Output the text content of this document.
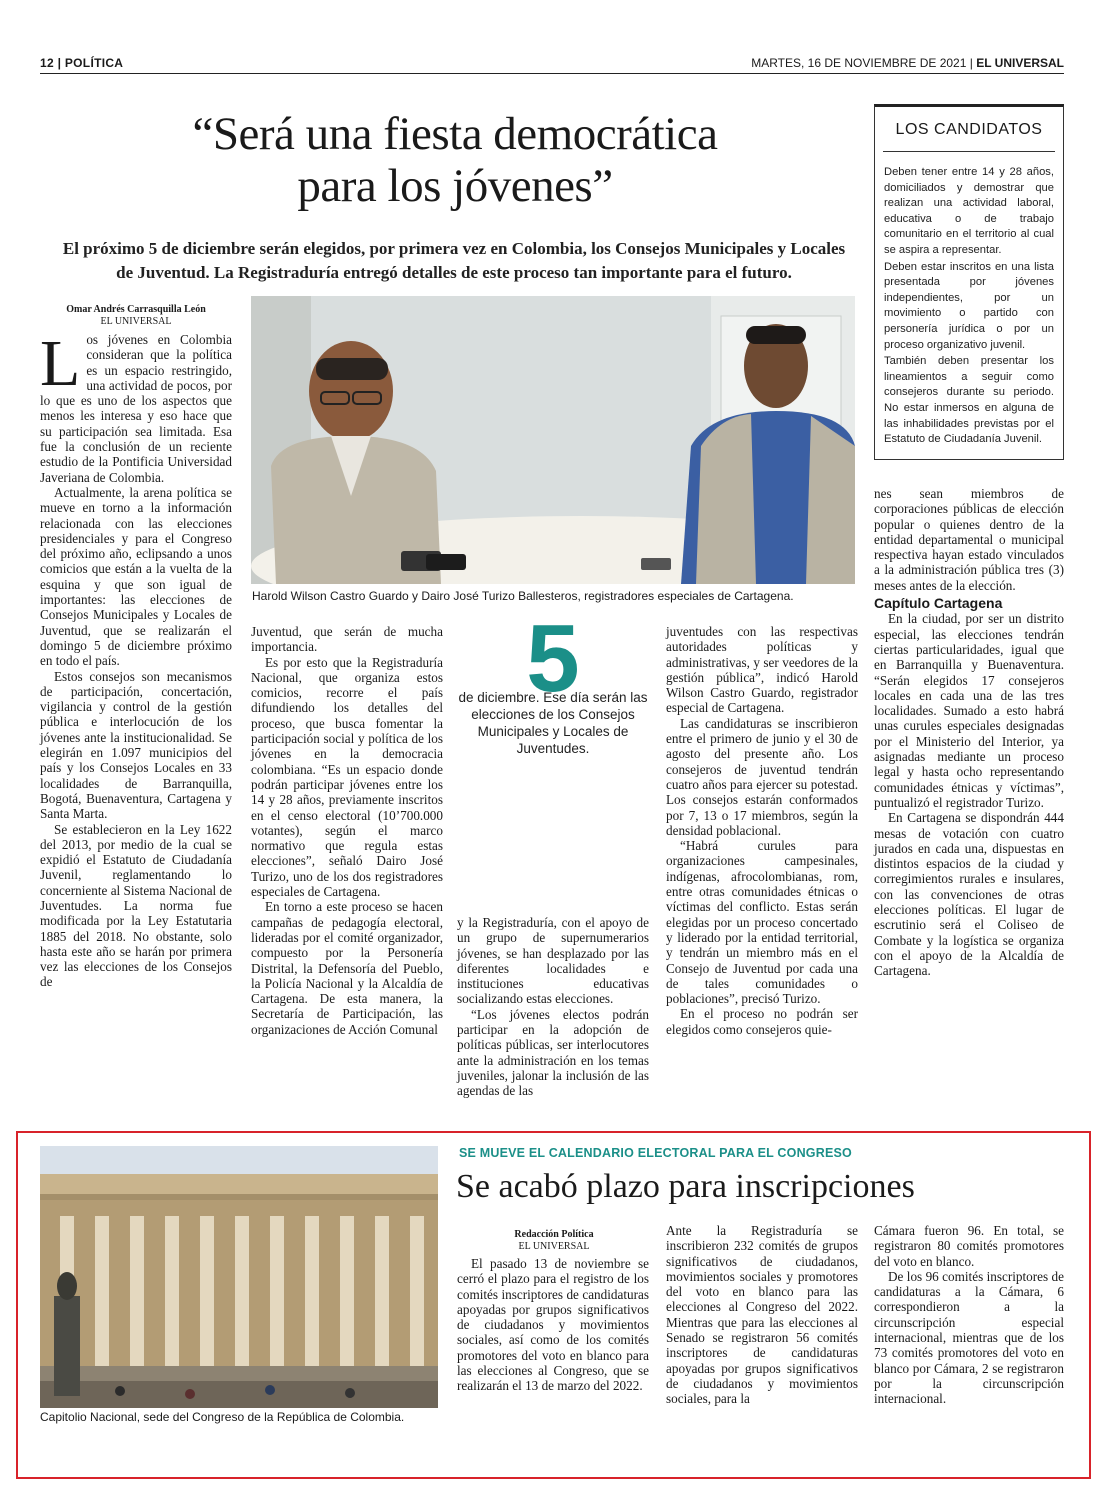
12 | POLÍTICA	MARTES, 16 DE NOVIEMBRE DE 2021 | EL UNIVERSAL
“Será una fiesta democrática
para los jóvenes”
El próximo 5 de diciembre serán elegidos, por primera vez en Colombia, los Consejos Municipales y Locales de Juventud. La Registraduría entregó detalles de este proceso tan importante para el futuro.
Omar Andrés Carrasquilla León
EL UNIVERSAL

Los jóvenes en Colombia consideran que la política es un espacio restringido, una actividad de pocos, por lo que es uno de los aspectos que menos les interesa y eso hace que su participación sea limitada. Esa fue la conclusión de un reciente estudio de la Pontificia Universidad Javeriana de Colombia.

Actualmente, la arena política se mueve en torno a la información relacionada con las elecciones presidenciales y para el Congreso del próximo año, eclipsando a unos comicios que están a la vuelta de la esquina y que son igual de importantes: las elecciones de Consejos Municipales y Locales de Juventud, que se realizarán el domingo 5 de diciembre próximo en todo el país.

Estos consejos son mecanismos de participación, concertación, vigilancia y control de la gestión pública e interlocución de los jóvenes ante la institucionalidad. Se elegirán en 1.097 municipios del país y los Consejos Locales en 33 localidades de Barranquilla, Bogotá, Buenaventura, Cartagena y Santa Marta.

Se establecieron en la Ley 1622 del 2013, por medio de la cual se expidió el Estatuto de Ciudadanía Juvenil, reglamentando lo concerniente al Sistema Nacional de Juventudes. La norma fue modificada por la Ley Estatutaria 1885 del 2018. No obstante, solo hasta este año se harán por primera vez las elecciones de los Consejos de

Harold Wilson Castro Guardo y Dairo José Turizo Ballesteros, registradores especiales de Cartagena.
LOS CANDIDATOS

Deben tener entre 14 y 28 años, domiciliados y demostrar que realizan una actividad laboral, educativa o de trabajo comunitario en el territorio al cual se aspira a representar.

Deben estar inscritos en una lista presentada por jóvenes independientes, por un movimiento o partido con personería jurídica o por un proceso organizativo juvenil.

También deben presentar los lineamientos a seguir como consejeros durante su periodo. No estar inmersos en alguna de las inhabilidades previstas por el Estatuto de Ciudadanía Juvenil.

Juventud, que serán de mucha importancia.

Es por esto que la Registraduría Nacional, que organiza estos comicios, recorre el país difundiendo los detalles del proceso, que busca fomentar la participación social y política de los jóvenes en la democracia colombiana. “Es un espacio donde podrán participar jóvenes entre los 14 y 28 años, previamente inscritos en el censo electoral (10’700.000 votantes), según el marco normativo que regula estas elecciones”, señaló Dairo José Turizo, uno de los dos registradores especiales de Cartagena.

En torno a este proceso se hacen campañas de pedagogía electoral, lideradas por el comité organizador, compuesto por la Personería Distrital, la Defensoría del Pueblo, la Policía Nacional y la Alcaldía de Cartagena. De esta manera, la Secretaría de Participación, las organizaciones de Acción Comunal

5
de diciembre. Ese día serán las elecciones de los Consejos Municipales y Locales de Juventudes.

y la Registraduría, con el apoyo de un grupo de supernumerarios jóvenes, se han desplazado por las diferentes localidades e instituciones educativas socializando estas elecciones.

“Los jóvenes electos podrán participar en la adopción de políticas públicas, ser interlocutores ante la administración en los temas juveniles, jalonar la inclusión de las agendas de las

juventudes con las respectivas autoridades políticas y administrativas, y ser veedores de la gestión pública”, indicó Harold Wilson Castro Guardo, registrador especial de Cartagena.

Las candidaturas se inscribieron entre el primero de junio y el 30 de agosto del presente año. Los consejeros de juventud tendrán cuatro años para ejercer su potestad. Los consejos estarán conformados por 7, 13 o 17 miembros, según la densidad poblacional.

“Habrá curules para organizaciones campesinales, indígenas, afrocolombianas, rom, entre otras comunidades étnicas o víctimas del conflicto. Estas serán elegidas por un proceso concertado y liderado por la entidad territorial, y tendrán un miembro más en el Consejo de Juventud por cada una de tales comunidades o poblaciones”, precisó Turizo.

En el proceso no podrán ser elegidos como consejeros quie-

nes sean miembros de corporaciones públicas de elección popular o quienes dentro de la entidad departamental o municipal respectiva hayan estado vinculados a la administración pública tres (3) meses antes de la elección.

Capítulo Cartagena

En la ciudad, por ser un distrito especial, las elecciones tendrán ciertas particularidades, igual que en Barranquilla y Buenaventura. “Serán elegidos 17 consejeros locales en cada una de las tres localidades. Sumado a esto habrá unas curules especiales designadas por el Ministerio del Interior, ya asignadas mediante un proceso legal y hasta ocho representando comunidades étnicas y víctimas”, puntualizó el registrador Turizo.

En Cartagena se dispondrán 444 mesas de votación con cuatro jurados en cada una, dispuestas en distintos espacios de la ciudad y corregimientos rurales e insulares, con las convenciones de otras elecciones políticas. El lugar de escrutinio será el Coliseo de Combate y la logística se organiza con el apoyo de la Alcaldía de Cartagena.

Capitolio Nacional, sede del Congreso de la República de Colombia.
SE MUEVE EL CALENDARIO ELECTORAL PARA EL CONGRESO
Se acabó plazo para inscripciones
Redacción Política
EL UNIVERSAL

El pasado 13 de noviembre se cerró el plazo para el registro de los comités inscriptores de candidaturas apoyadas por grupos significativos de ciudadanos y movimientos sociales, así como de los comités promotores del voto en blanco para las elecciones al Congreso, que se realizarán el 13 de marzo del 2022.

Ante la Registraduría se inscribieron 232 comités de grupos significativos de ciudadanos, movimientos sociales y promotores del voto en blanco para las elecciones al Congreso del 2022. Mientras que para las elecciones al Senado se registraron 56 comités inscriptores de candidaturas apoyadas por grupos significativos de ciudadanos y movimientos sociales, para la

Cámara fueron 96. En total, se registraron 80 comités promotores del voto en blanco.

De los 96 comités inscriptores de candidaturas a la Cámara, 6 correspondieron a la circunscripción especial internacional, mientras que de los 73 comités promotores del voto en blanco por Cámara, 2 se registraron por la circunscripción internacional.
